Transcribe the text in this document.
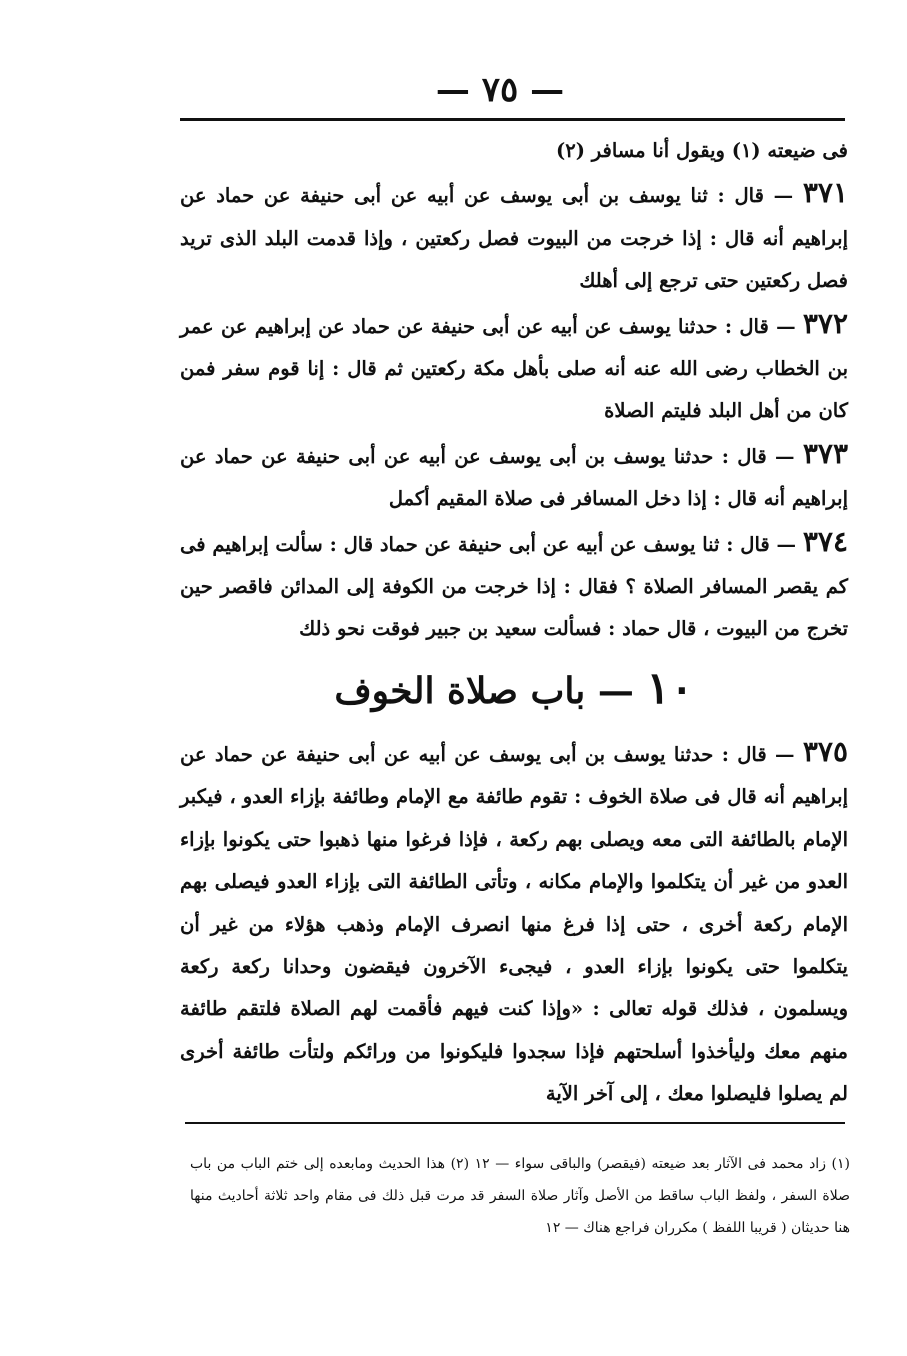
— ٧٥ —

فى ضيعته (١) ويقول أنا مسافر (٢)

٣٧١ — قال : ثنا يوسف بن أبى يوسف عن أبيه عن أبى حنيفة عن حماد عن إبراهيم أنه قال : إذا خرجت من البيوت فصل ركعتين ، وإذا قدمت البلد الذى تريد فصل ركعتين حتى ترجع إلى أهلك

٣٧٢ — قال : حدثنا يوسف عن أبيه عن أبى حنيفة عن حماد عن إبراهيم عن عمر بن الخطاب رضى الله عنه أنه صلى بأهل مكة ركعتين ثم قال : إنا قوم سفر فمن كان من أهل البلد فليتم الصلاة

٣٧٣ — قال : حدثنا يوسف بن أبى يوسف عن أبيه عن أبى حنيفة عن حماد عن إبراهيم أنه قال : إذا دخل المسافر فى صلاة المقيم أكمل

٣٧٤ — قال : ثنا يوسف عن أبيه عن أبى حنيفة عن حماد قال : سألت إبراهيم فى كم يقصر المسافر الصلاة ؟ فقال : إذا خرجت من الكوفة إلى المدائن فاقصر حين تخرج من البيوت ، قال حماد : فسألت سعيد بن جبير فوقت نحو ذلك

١٠ — باب صلاة الخوف

٣٧٥ — قال : حدثنا يوسف بن أبى يوسف عن أبيه عن أبى حنيفة عن حماد عن إبراهيم أنه قال فى صلاة الخوف : تقوم طائفة مع الإمام وطائفة بإزاء العدو ، فيكبر الإمام بالطائفة التى معه ويصلى بهم ركعة ، فإذا فرغوا منها ذهبوا حتى يكونوا بإزاء العدو من غير أن يتكلموا والإمام مكانه ، وتأتى الطائفة التى بإزاء العدو فيصلى بهم الإمام ركعة أخرى ، حتى إذا فرغ منها انصرف الإمام وذهب هؤلاء من غير أن يتكلموا حتى يكونوا بإزاء العدو ، فيجىء الآخرون فيقضون وحدانا ركعة ركعة ويسلمون ، فذلك قوله تعالى : «وإذا كنت فيهم فأقمت لهم الصلاة فلتقم طائفة منهم معك وليأخذوا أسلحتهم فإذا سجدوا فليكونوا من ورائكم ولتأت طائفة أخرى لم يصلوا فليصلوا معك ، إلى آخر الآية

(١) زاد محمد فى الآثار بعد ضيعته (فيقصر) والباقى سواء — ١٢ (٢) هذا الحديث ومابعده إلى ختم الباب من باب صلاة السفر ، ولفظ الباب ساقط من الأصل وآثار صلاة السفر قد مرت قبل ذلك فى مقام واحد ثلاثة أحاديث منها هنا حديثان ( قريبا اللفظ ) مكرران فراجع هناك — ١٢
